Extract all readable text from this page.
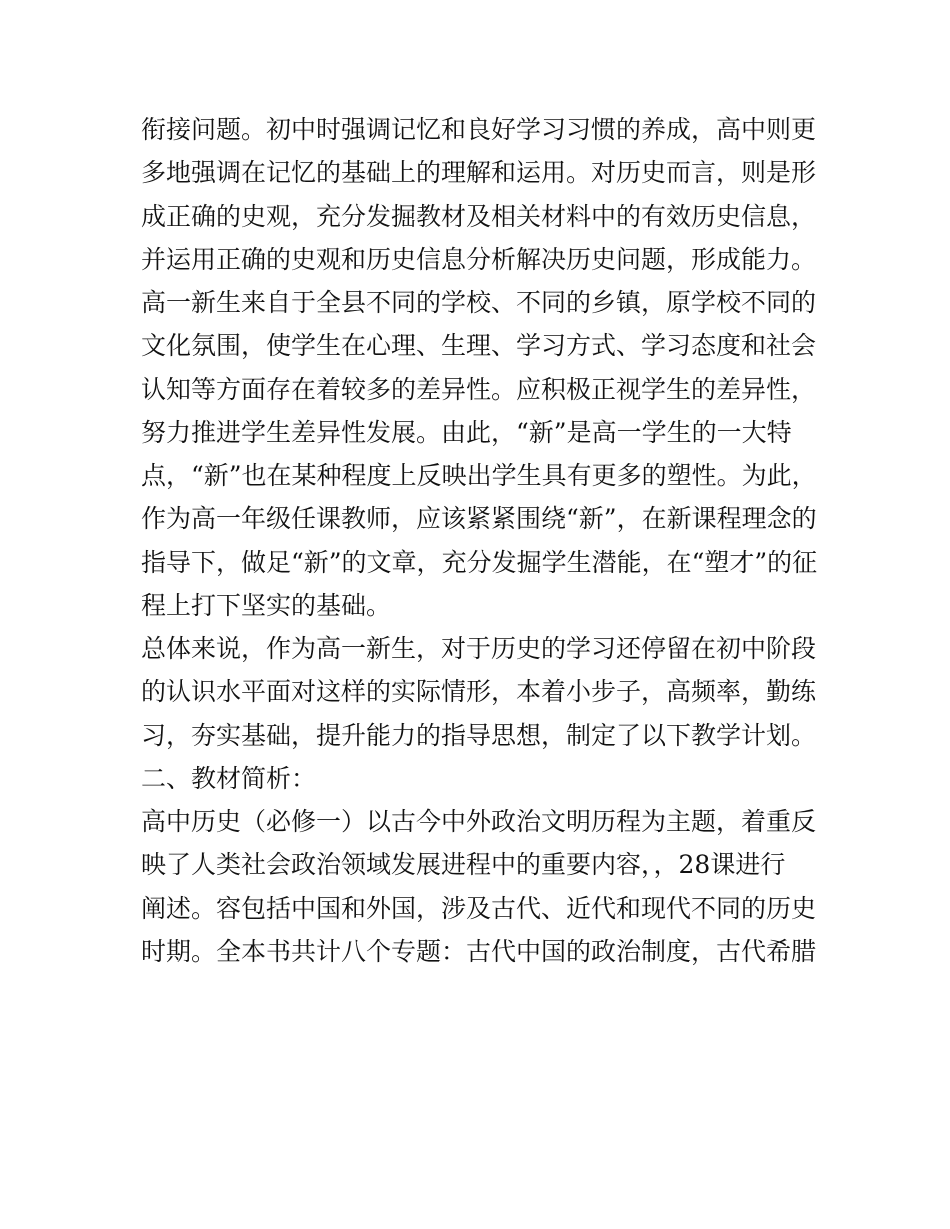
衔接问题。初中时强调记忆和良好学习习惯的养成，高中则更
多地强调在记忆的基础上的理解和运用。对历史而言，则是形
成正确的史观，充分发掘教材及相关材料中的有效历史信息，
并运用正确的史观和历史信息分析解决历史问题，形成能力。
高一新生来自于全县不同的学校、不同的乡镇，原学校不同的
文化氛围，使学生在心理、生理、学习方式、学习态度和社会
认知等方面存在着较多的差异性。应积极正视学生的差异性，
努力推进学生差异性发展。由此，“新”是高一学生的一大特
点，“新”也在某种程度上反映出学生具有更多的塑性。为此，
作为高一年级任课教师，应该紧紧围绕“新”，在新课程理念的
指导下，做足“新”的文章，充分发掘学生潜能，在“塑才”的征
程上打下坚实的基础。
总体来说，作为高一新生，对于历史的学习还停留在初中阶段
的认识水平面对这样的实际情形，本着小步子，高频率，勤练
习，夯实基础，提升能力的指导思想，制定了以下教学计划。
二、教材简析：
高中历史（必修一）以古今中外政治文明历程为主题，着重反
映了人类社会政治领域发展进程中的重要内容，，28课进行
阐述。容包括中国和外国，涉及古代、近代和现代不同的历史
时期。全本书共计八个专题：古代中国的政治制度，古代希腊
